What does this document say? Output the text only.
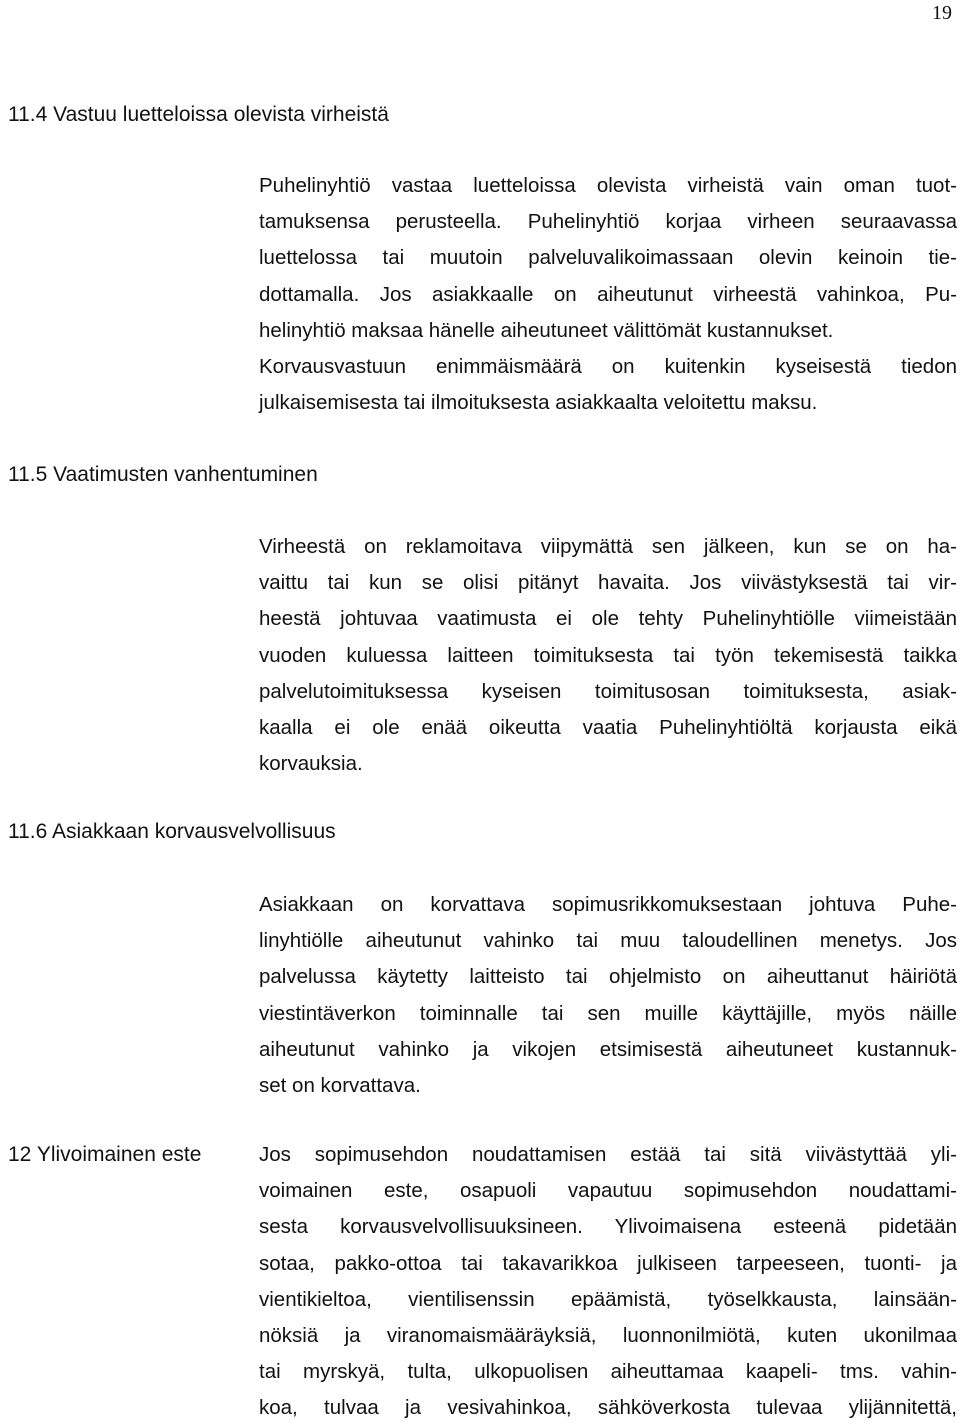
19
11.4 Vastuu luetteloissa olevista virheistä
Puhelinyhtiö vastaa luetteloissa olevista virheistä vain oman tuot-
tamuksensa perusteella. Puhelinyhtiö korjaa virheen seuraavassa
luettelossa tai muutoin palveluvalikoimassaan olevin keinoin tie-
dottamalla. Jos asiakkaalle on aiheutunut virheestä vahinkoa, Pu-
helinyhtiö maksaa hänelle aiheutuneet välittömät kustannukset.
Korvausvastuun enimmäismäärä on kuitenkin kyseisestä tiedon
julkaisemisesta tai ilmoituksesta asiakkaalta veloitettu maksu.
11.5 Vaatimusten vanhentuminen
Virheestä on reklamoitava viipymättä sen jälkeen, kun se on ha-
vaittu tai kun se olisi pitänyt havaita. Jos viivästyksestä tai vir-
heestä johtuvaa vaatimusta ei ole tehty Puhelinyhtiölle viimeistään
vuoden kuluessa laitteen toimituksesta tai työn tekemisestä taikka
palvelutoimituksessa kyseisen toimitusosan toimituksesta, asiak-
kaalla ei ole enää oikeutta vaatia Puhelinyhtiöltä korjausta eikä
korvauksia.
11.6 Asiakkaan korvausvelvollisuus
Asiakkaan on korvattava sopimusrikkomuksestaan johtuva Puhe-
linyhtiölle aiheutunut vahinko tai muu taloudellinen menetys. Jos
palvelussa käytetty laitteisto tai ohjelmisto on aiheuttanut häiriötä
viestintäverkon toiminnalle tai sen muille käyttäjille, myös näille
aiheutunut vahinko ja vikojen etsimisestä aiheutuneet kustannuk-
set on korvattava.
12 Ylivoimainen este	Jos sopimusehdon noudattamisen estää tai sitä viivästyttää yli-
voimainen este, osapuoli vapautuu sopimusehdon noudattami-
sesta korvausvelvollisuuksineen. Ylivoimaisena esteenä pidetään
sotaa, pakko-ottoa tai takavarikkoa julkiseen tarpeeseen, tuonti- ja
vientikieltoa, vientilisenssin epäämistä, työselkkausta, lainsään-
nöksiä ja viranomaismääräyksiä, luonnonilmiötä, kuten ukonilmaa
tai myrskyä, tulta, ulkopuolisen aiheuttamaa kaapeli- tms. vahin-
koa, tulvaa ja vesivahinkoa, sähköverkosta tulevaa ylijännitettä,
